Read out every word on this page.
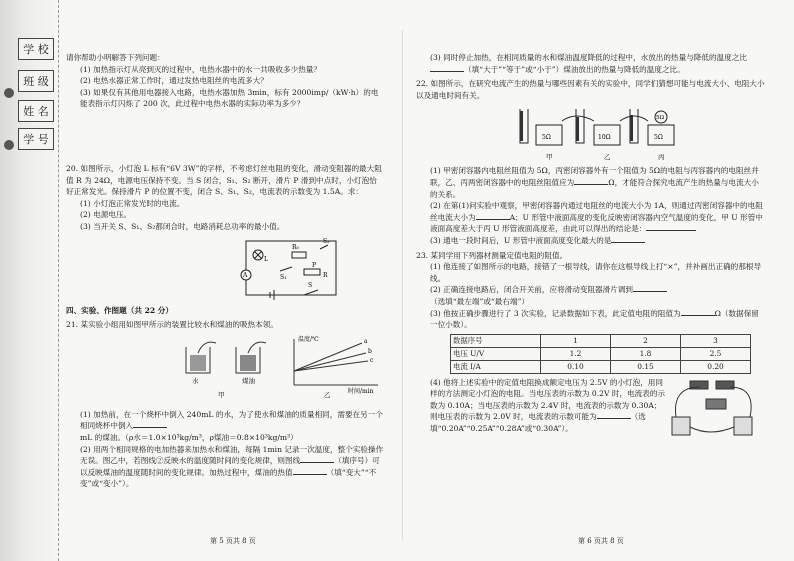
学 校
班 级
姓 名
学 号

请你帮助小明解答下列问题：

(1) 加热指示灯从亮到灭的过程中，电热水器中的水一共吸收多少热量？

(2) 电热水器正常工作时，通过发热电阻丝的电流多大？

(3) 如果仅有其他用电器接入电路，电热水器加热 3min，标有 2000imp/（kW·h）的电能表指示灯闪烁了 200 次，此过程中电热水器的实际功率为多少？

20. 如图所示，小灯泡 L 标有“6V 3W”的字样，不考虑灯丝电阻的变化，滑动变阻器的最大阻值 R 为 24Ω，电源电压保持不变。当 S 闭合，S₁、S₂ 断开，滑片 P 滑到中点时，小灯泡恰好正常发光。保持滑片 P 的位置不变，闭合 S、S₁、S₂，电流表的示数变为 1.5A。求：

(1) 小灯泡正常发光时的电流。

(2) 电源电压。

(3) 当开关 S、S₁、S₂都闭合时，电路消耗总功率的最小值。

L
R₀
S₂
S₁
P
R
A
S

四、实验、作图题（共 22 分）

21. 某实验小组用如图甲所示的装置比较水和煤油的吸热本领。

水	煤油
甲	乙
温度/℃
时间/min
a
b
c

(1) 加热前，在一个烧杯中倒入 240mL 的水，为了使水和煤油的质量相同，需要在另一个相同烧杯中倒入mL 的煤油。（ρ水＝1.0×10³kg/m³，ρ煤油＝0.8×10³kg/m³）

(2) 用两个相同规格的电加热器来加热水和煤油，每隔 1min 记录一次温度，整个实验操作无误。图乙中，若图线②反映水的温度随时间的变化规律，则图线	（填序号）可以反映煤油的温度随时间的变化规律。加热过程中，煤油的热值	（填“变大”“不变”或“变小”）。

第 5 页共 8 页

(3) 同时停止加热，在相同质量的水和煤油温度降低的过程中，水放出的热量与降低的温度之比（填“大于”“等于”或“小于”）煤油放出的热量与降低的温度之比。

22. 如图所示，在研究电流产生的热量与哪些因素有关的实验中，同学们猜想可能与电流大小、电阻大小以及通电时间有关。

5Ω	10Ω	5Ω
5Ω
甲	乙	丙

(1) 甲密闭容器内电阻丝阻值为 5Ω，丙密闭容器外有一个阻值为 5Ω的电阻与丙容器内的电阻丝并联，乙、丙两密闭容器中的电阻丝阻值应为	Ω，才能符合探究电流产生的热量与电流大小的关系。

(2) 在第(1)问实验中观察，甲密闭容器内通过电阻丝的电流大小为 1A，则通过丙密闭容器中的电阻丝电流大小为	A；U 形管中液面高度的变化反映密闭容器内空气温度的变化，甲 U 形管中液面高度差大于丙 U 形管液面高度差，由此可以得出的结论是：

(3) 通电一段时间后，U 形管中液面高度变化最大的是

23. 某同学用下列器材测量定值电阻的阻值。

(1) 他连接了如图所示的电路，接错了一根导线，请你在这根导线上打“×”，并补画出正确的那根导线。

(2) 正确连接电路后，闭合开关前，应将滑动变阻器滑片调到（选填“最左端”或“最右端”）

(3) 他按正确步骤进行了 3 次实验，记录数据如下表，此定值电阻的阻值为	Ω（数据保留一位小数）。

数据序号	1	2	3
电压 U/V	1.2	1.8	2.5
电流 I/A	0.10	0.15	0.20

(4) 他将上述实验中的定值电阻换成额定电压为 2.5V 的小灯泡，用同样的方法测定小灯泡的电阻。当电压表的示数为 0.2V 时，电流表的示数为 0.10A；当电压表的示数为 2.4V 时，电流表的示数为 0.30A；则电压表的示数为 2.0V 时，电流表的示数可能为	（选填“0.20A”“0.25A”“0.28A”或“0.30A”）。

第 6 页共 8 页
